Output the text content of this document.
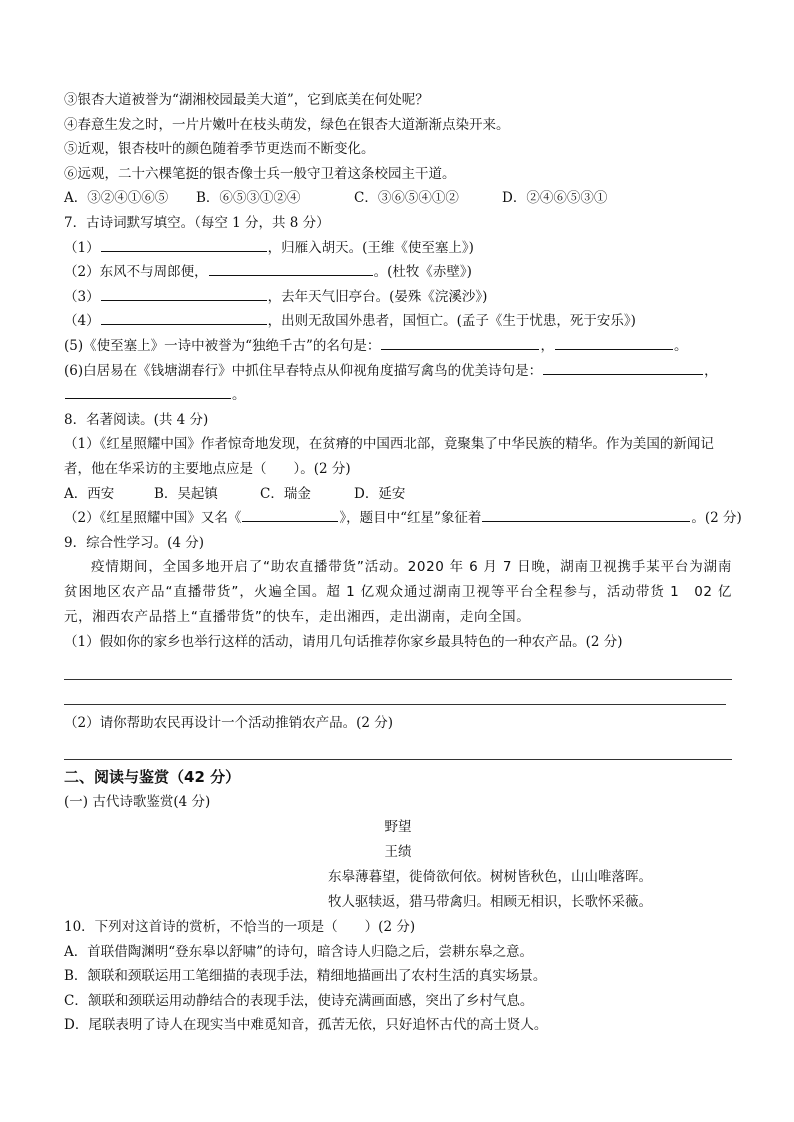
③银杏大道被誉为“湖湘校园最美大道”，它到底美在何处呢？
④春意生发之时，一片片嫩叶在枝头萌发，绿色在银杏大道渐渐点染开来。
⑤近观，银杏枝叶的颜色随着季节更迭而不断变化。
⑥远观，二十六棵笔挺的银杏像士兵一般守卫着这条校园主干道。
A．③②④①⑥⑤	B．⑥⑤③①②④	C．③⑥⑤④①②	D．②④⑥⑤③①
7．古诗词默写填空。（每空 1 分，共 8 分）
（1）	，归雁入胡天。(王维《使至塞上》)
（2）东风不与周郎便，	。(杜牧《赤壁》)
（3）	，去年天气旧亭台。(晏殊《浣溪沙》)
（4）	，出则无敌国外患者，国恒亡。(孟子《生于忧患，死于安乐》)
(5)《使至塞上》一诗中被誉为“独绝千古”的名句是：	，	。
(6)白居易在《钱塘湖春行》中抓住早春特点从仰视角度描写禽鸟的优美诗句是：	，
。
8．名著阅读。(共 4 分)
（1）《红星照耀中国》作者惊奇地发现，在贫瘠的中国西北部，竟聚集了中华民族的精华。作为美国的新闻记
者，他在华采访的主要地点应是（　　）。(2 分)
A．西安	B．吴起镇	C．瑞金	D．延安
（2）《红星照耀中国》又名《	》，题目中“红星”象征着	。(2 分)
9．综合性学习。(4 分)
疫情期间，全国多地开启了“助农直播带货”活动。2020 年 6 月 7 日晚，湖南卫视携手某平台为湖南贫困地区农产品“直播带货”，火遍全国。超 1 亿观众通过湖南卫视等平台全程参与，活动带货 1　02 亿元，湘西农产品搭上“直播带货”的快车，走出湘西，走出湖南，走向全国。
（1）假如你的家乡也举行这样的活动，请用几句话推荐你家乡最具特色的一种农产品。(2 分)
（2）请你帮助农民再设计一个活动推销农产品。(2 分)
二、阅读与鉴赏（42 分）
(一) 古代诗歌鉴赏(4 分)
野望
王绩
东皋薄暮望，徙倚欲何依。树树皆秋色，山山唯落晖。
牧人驱犊返，猎马带禽归。相顾无相识，长歌怀采薇。
10．下列对这首诗的赏析，不恰当的一项是（　　）(2 分)
A．首联借陶渊明“登东皋以舒啸”的诗句，暗含诗人归隐之后，尝耕东皋之意。
B．颔联和颈联运用工笔细描的表现手法，精细地描画出了农村生活的真实场景。
C．颔联和颈联运用动静结合的表现手法，使诗充满画面感，突出了乡村气息。
D．尾联表明了诗人在现实当中难觅知音，孤苦无依，只好追怀古代的高士贤人。
